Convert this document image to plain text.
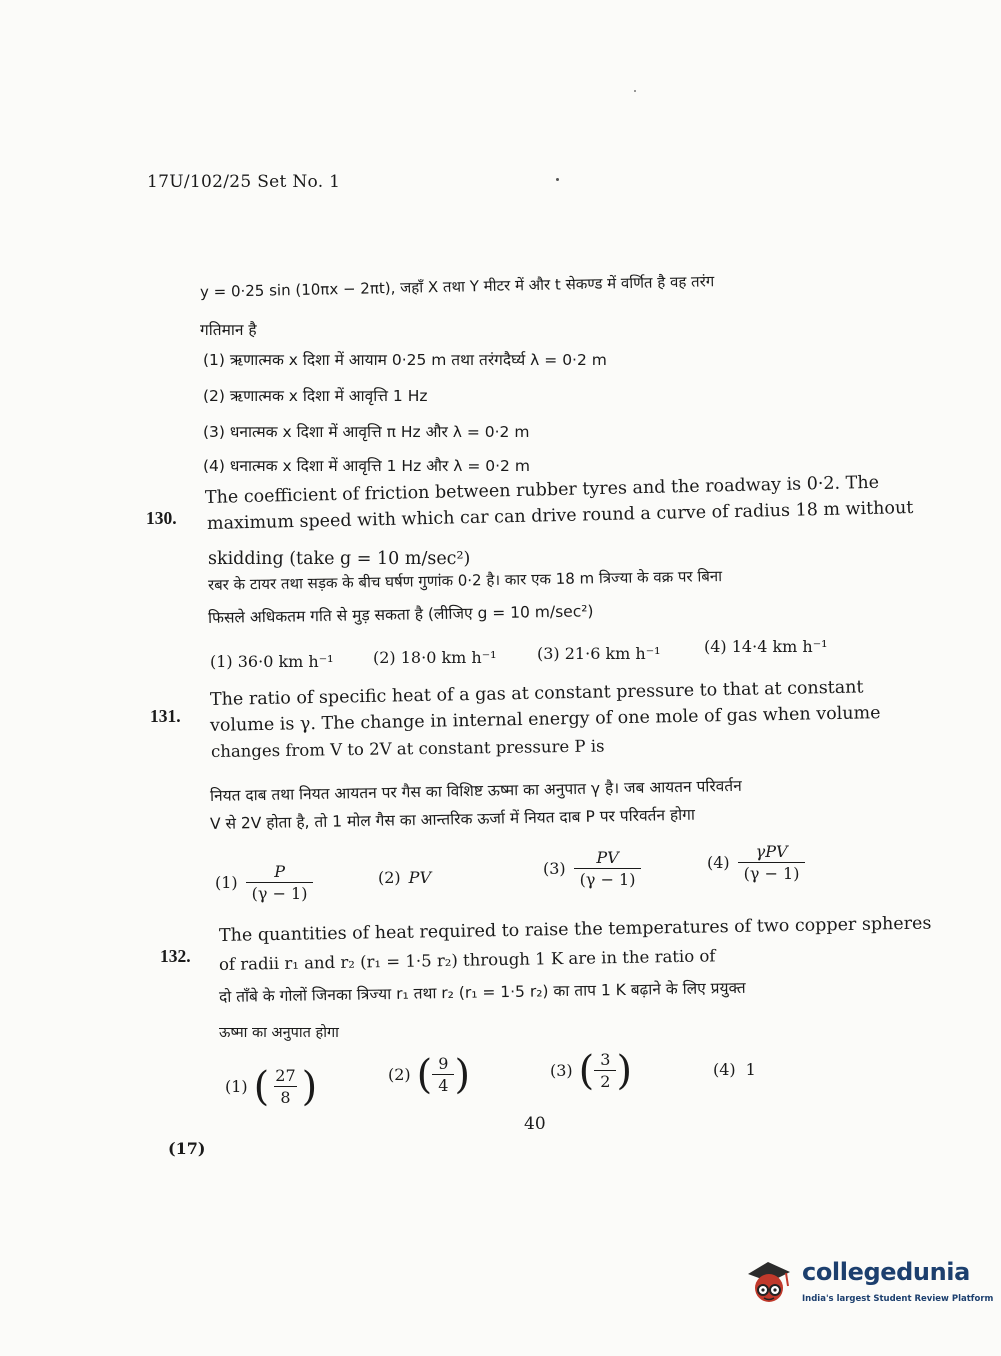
17U/102/25 Set No. 1
y = 0·25 sin (10πx − 2πt), जहाँ X तथा Y मीटर में और t सेकण्ड में वर्णित है वह तरंग
गतिमान है
(1) ऋणात्मक x दिशा में आयाम 0·25 m तथा तरंगदैर्घ्य λ = 0·2 m
(2) ऋणात्मक x दिशा में आवृत्ति 1 Hz
(3) धनात्मक x दिशा में आवृत्ति π Hz और λ = 0·2 m
(4) धनात्मक x दिशा में आवृत्ति 1 Hz और λ = 0·2 m
130.
The coefficient of friction between rubber tyres and the roadway is 0·2. The
maximum speed with which car can drive round a curve of radius 18 m without
skidding (take g = 10 m/sec²)
रबर के टायर तथा सड़क के बीच घर्षण गुणांक 0·2 है। कार एक 18 m त्रिज्या के वक्र पर बिना
फिसले अधिकतम गति से मुड़ सकता है (लीजिए g = 10 m/sec²)
(1) 36·0 km h⁻¹ (2) 18·0 km h⁻¹	(3) 21·6 km h⁻¹	(4) 14·4 km h⁻¹
131.
The ratio of specific heat of a gas at constant pressure to that at constant
volume is γ. The change in internal energy of one mole of gas when volume
changes from V to 2V at constant pressure P is
नियत दाब तथा नियत आयतन पर गैस का विशिष्ट ऊष्मा का अनुपात γ है। जब आयतन परिवर्तन
V से 2V होता है, तो 1 मोल गैस का आन्तरिक ऊर्जा में नियत दाब P पर परिवर्तन होगा
$(1) \frac{P}{(\gamma - 1)}$	(2) PV	$(3) \frac{PV}{(\gamma - 1)}$	$(4) \frac{\text{γPV}}{(\gamma - 1)}$
132.
The quantities of heat required to raise the temperatures of two copper spheres
of radii r₁ and r₂ (r₁ = 1·5 r₂) through 1 K are in the ratio of
दो ताँबे के गोलों जिनका त्रिज्या r₁ तथा r₂ (r₁ = 1·5 r₂) का ताप 1 K बढ़ाने के लिए प्रयुक्त
ऊष्मा का अनुपात होगा
(1) ( $\frac{27}{8}$ )	(2) ( $\frac{9}{4}$ )	(3) ( $\frac{3}{2}$ )	(4) 1
40
(17)
collegedunia
India's largest Student Review Platform
